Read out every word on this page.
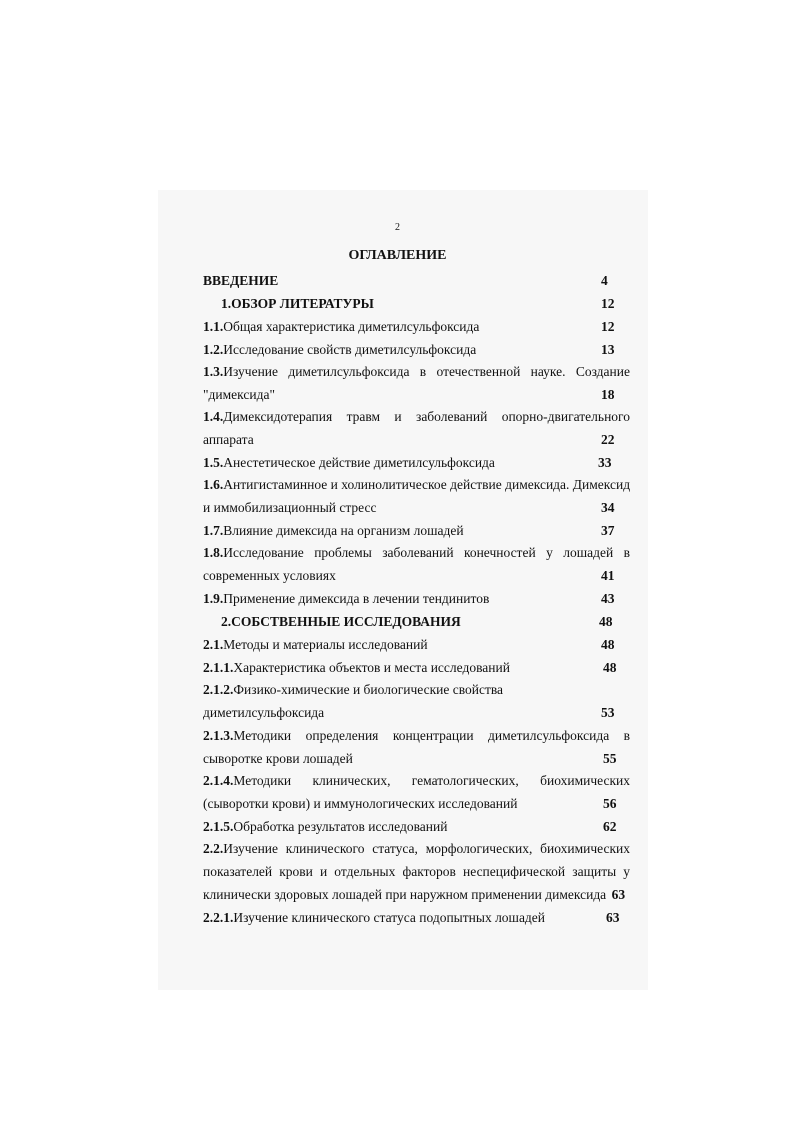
2
ОГЛАВЛЕНИЕ
ВВЕДЕНИЕ	4
1.ОБЗОР ЛИТЕРАТУРЫ	12
1.1.Общая характеристика диметилсульфоксида	12
1.2.Исследование свойств диметилсульфоксида	13
1.3.Изучение диметилсульфоксида в отечественной науке. Создание
"димексида"	18
1.4.Димексидотерапия травм и заболеваний опорно-двигательного
аппарата	22
1.5.Анестетическое действие диметилсульфоксида	33
1.6.Антигистаминное и холинолитическое действие димексида. Димексид
и иммобилизационный стресс	34
1.7.Влияние димексида на организм лошадей	37
1.8.Исследование проблемы заболеваний конечностей у лошадей в
современных условиях	41
1.9.Применение димексида в лечении тендинитов	43
2.СОБСТВЕННЫЕ ИССЛЕДОВАНИЯ	48
2.1.Методы и материалы исследований	48
2.1.1.Характеристика объектов и места исследований	48
2.1.2.Физико-химические и биологические свойства
диметилсульфоксида	53
2.1.3.Методики определения концентрации диметилсульфоксида в
сыворотке крови лошадей	55
2.1.4.Методики клинических, гематологических, биохимических
(сыворотки крови) и иммунологических исследований	56
2.1.5.Обработка результатов исследований	62
2.2.Изучение клинического статуса, морфологических, биохимических
показателей крови и отдельных факторов неспецифической защиты у
клинически здоровых лошадей при наружном применении димексида 63
2.2.1.Изучение клинического статуса подопытных лошадей	63
